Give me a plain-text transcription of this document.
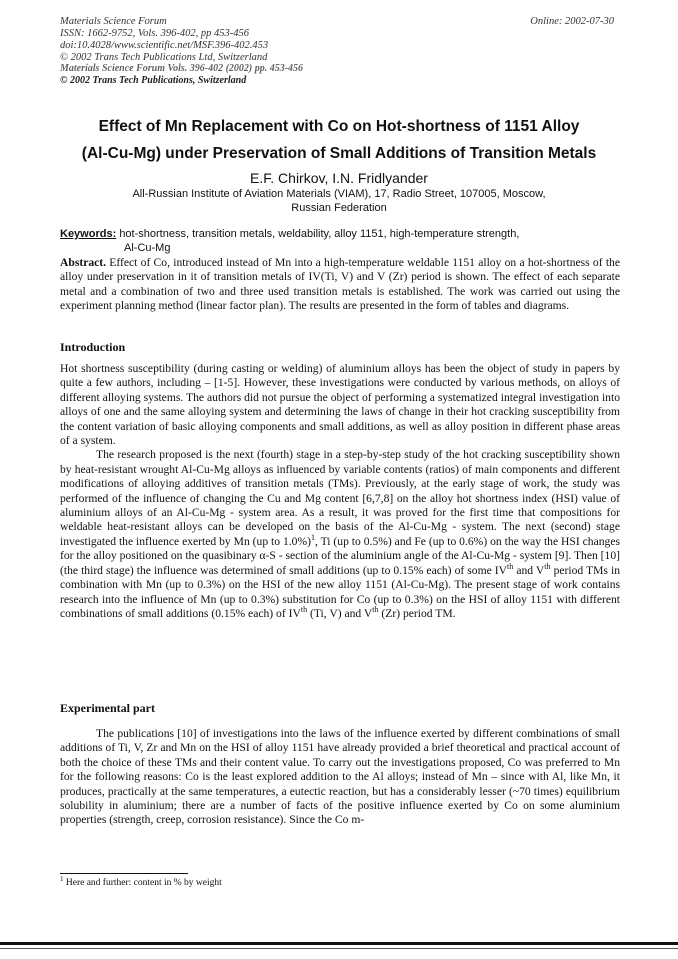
Materials Science Forum
ISSN: 1662-9752, Vols. 396-402, pp 453-456
doi:10.4028/www.scientific.net/MSF.396-402.453
© 2002 Trans Tech Publications Ltd, Switzerland
Online: 2002-07-30
Materials Science Forum Vols. 396-402 (2002) pp. 453-456
© 2002 Trans Tech Publications, Switzerland
Effect of Mn Replacement with Co on Hot-shortness of 1151 Alloy
(Al-Cu-Mg) under Preservation of Small Additions of Transition Metals
E.F. Chirkov, I.N. Fridlyander
All-Russian Institute of Aviation Materials (VIAM), 17, Radio Street, 107005, Moscow,
Russian Federation
Keywords: hot-shortness, transition metals, weldability, alloy 1151, high-temperature strength,
Al-Cu-Mg
Abstract. Effect of Co, introduced instead of Mn into a high-temperature weldable 1151 alloy on a hot-shortness of the alloy under preservation in it of transition metals of IV(Ti, V) and V (Zr) period is shown. The effect of each separate metal and a combination of two and three used transition metals is established. The work was carried out using the experiment planning method (linear factor plan). The results are presented in the form of tables and diagrams.
Introduction

Hot shortness susceptibility (during casting or welding) of aluminium alloys has been the object of study in papers by quite a few authors, including – [1-5]. However, these investigations were conducted by various methods, on alloys of different alloying systems. The authors did not pursue the object of performing a systematized integral investigation into alloys of one and the same alloying system and determining the laws of change in their hot cracking susceptibility from the content variation of basic alloying components and small additions, as well as alloy position in different phase areas of a system.

The research proposed is the next (fourth) stage in a step-by-step study of the hot cracking susceptibility shown by heat-resistant wrought Al-Cu-Mg alloys as influenced by variable contents (ratios) of main components and different modifications of alloying additives of transition metals (TMs). Previously, at the early stage of work, the study was performed of the influence of changing the Cu and Mg content [6,7,8] on the alloy hot shortness index (HSI) value of aluminium alloys of an Al-Cu-Mg - system area. As a result, it was proved for the first time that compositions for weldable heat-resistant alloys can be developed on the basis of the Al-Cu-Mg - system. The next (second) stage investigated the influence exerted by Mn (up to 1.0%)$^1$, Ti (up to 0.5%) and Fe (up to 0.6%) on the way the HSI changes for the alloy positioned on the quasibinary α-S - section of the aluminium angle of the Al-Cu-Mg - system [9]. Then [10] (the third stage) the influence was determined of small additions (up to 0.15% each) of some IVth and Vth period TMs in combination with Mn (up to 0.3%) on the HSI of the new alloy 1151 (Al-Cu-Mg). The present stage of work contains research into the influence of Mn (up to 0.3%) substitution for Co (up to 0.3%) on the HSI of alloy 1151 with different combinations of small additions (0.15% each) of IVth (Ti, V) and Vth (Zr) period TM.

Experimental part

The publications [10] of investigations into the laws of the influence exerted by different combinations of small additions of Ti, V, Zr and Mn on the HSI of alloy 1151 have already provided a brief theoretical and practical account of both the choice of these TMs and their content value. To carry out the investigations proposed, Co was preferred to Mn for the following reasons: Co is the least explored addition to the Al alloys; instead of Mn – since with Al, like Mn, it produces, practically at the same temperatures, a eutectic reaction, but has a considerably lesser (~70 times) equilibrium solubility in aluminium; there are a number of facts of the positive influence exerted by Co on some aluminium properties (strength, creep, corrosion resistance). Since the Co m-

$^1$ Here and further: content in % by weight
